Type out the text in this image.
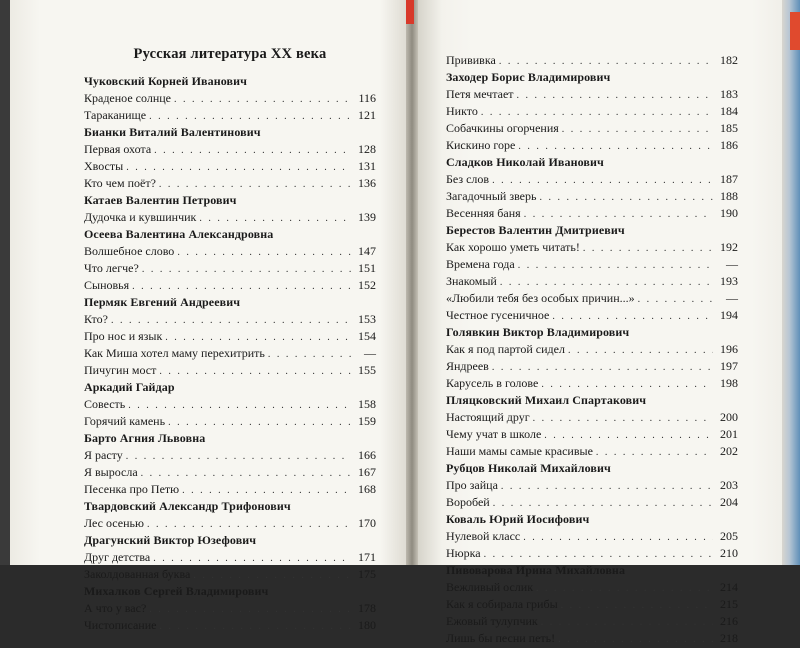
Русская литература XX века
Чуковский Корней Иванович
Краденое солнце . . .	116
Тараканище . . .	121
Бианки Виталий Валентинович
Первая охота . . .	128
Хвосты . . .	131
Кто чем поёт? . . .	136
Катаев Валентин Петрович
Дудочка и кувшинчик . . .	139
Осеева Валентина Александровна
Волшебное слово . . .	147
Что легче? . . .	151
Сыновья . . .	152
Пермяк Евгений Андреевич
Кто? . . .	153
Про нос и язык . . .	154
Как Миша хотел маму перехитрить . . .	—
Пичугин мост . . .	155
Аркадий Гайдар
Совесть . . .	158
Горячий камень . . .	159
Барто Агния Львовна
Я расту . . .	166
Я выросла . . .	167
Песенка про Петю . . .	168
Твардовский Александр Трифонович
Лес осенью . . .	170
Драгунский Виктор Юзефович
Друг детства . . .	171
Заколдованная буква . . .	175
Михалков Сергей Владимирович
А что у вас? . . .	178
Чистописание . . .	180
Прививка . . .	182
Заходер Борис Владимирович
Петя мечтает . . .	183
Никто . . .	184
Собачкины огорчения . . .	185
Кискино горе . . .	186
Сладков Николай Иванович
Без слов . . .	187
Загадочный зверь . . .	188
Весенняя баня . . .	190
Берестов Валентин Дмитриевич
Как хорошо уметь читать! . . .	192
Времена года . . .	—
Знакомый . . .	193
«Любили тебя без особых причин...» . . .	—
Честное гусеничное . . .	194
Голявкин Виктор Владимирович
Как я под партой сидел . . .	196
Яндреев . . .	197
Карусель в голове . . .	198
Пляцковский Михаил Спартакович
Настоящий друг . . .	200
Чему учат в школе . . .	201
Наши мамы самые красивые . . .	202
Рубцов Николай Михайлович
Про зайца . . .	203
Воробей . . .	204
Коваль Юрий Иосифович
Нулевой класс . . .	205
Нюрка . . .	210
Пивоварова Ирина Михайловна
Вежливый ослик . . .	214
Как я собирала грибы . . .	215
Ежовый тулупчик . . .	216
Лишь бы песни петь! . . .	218
